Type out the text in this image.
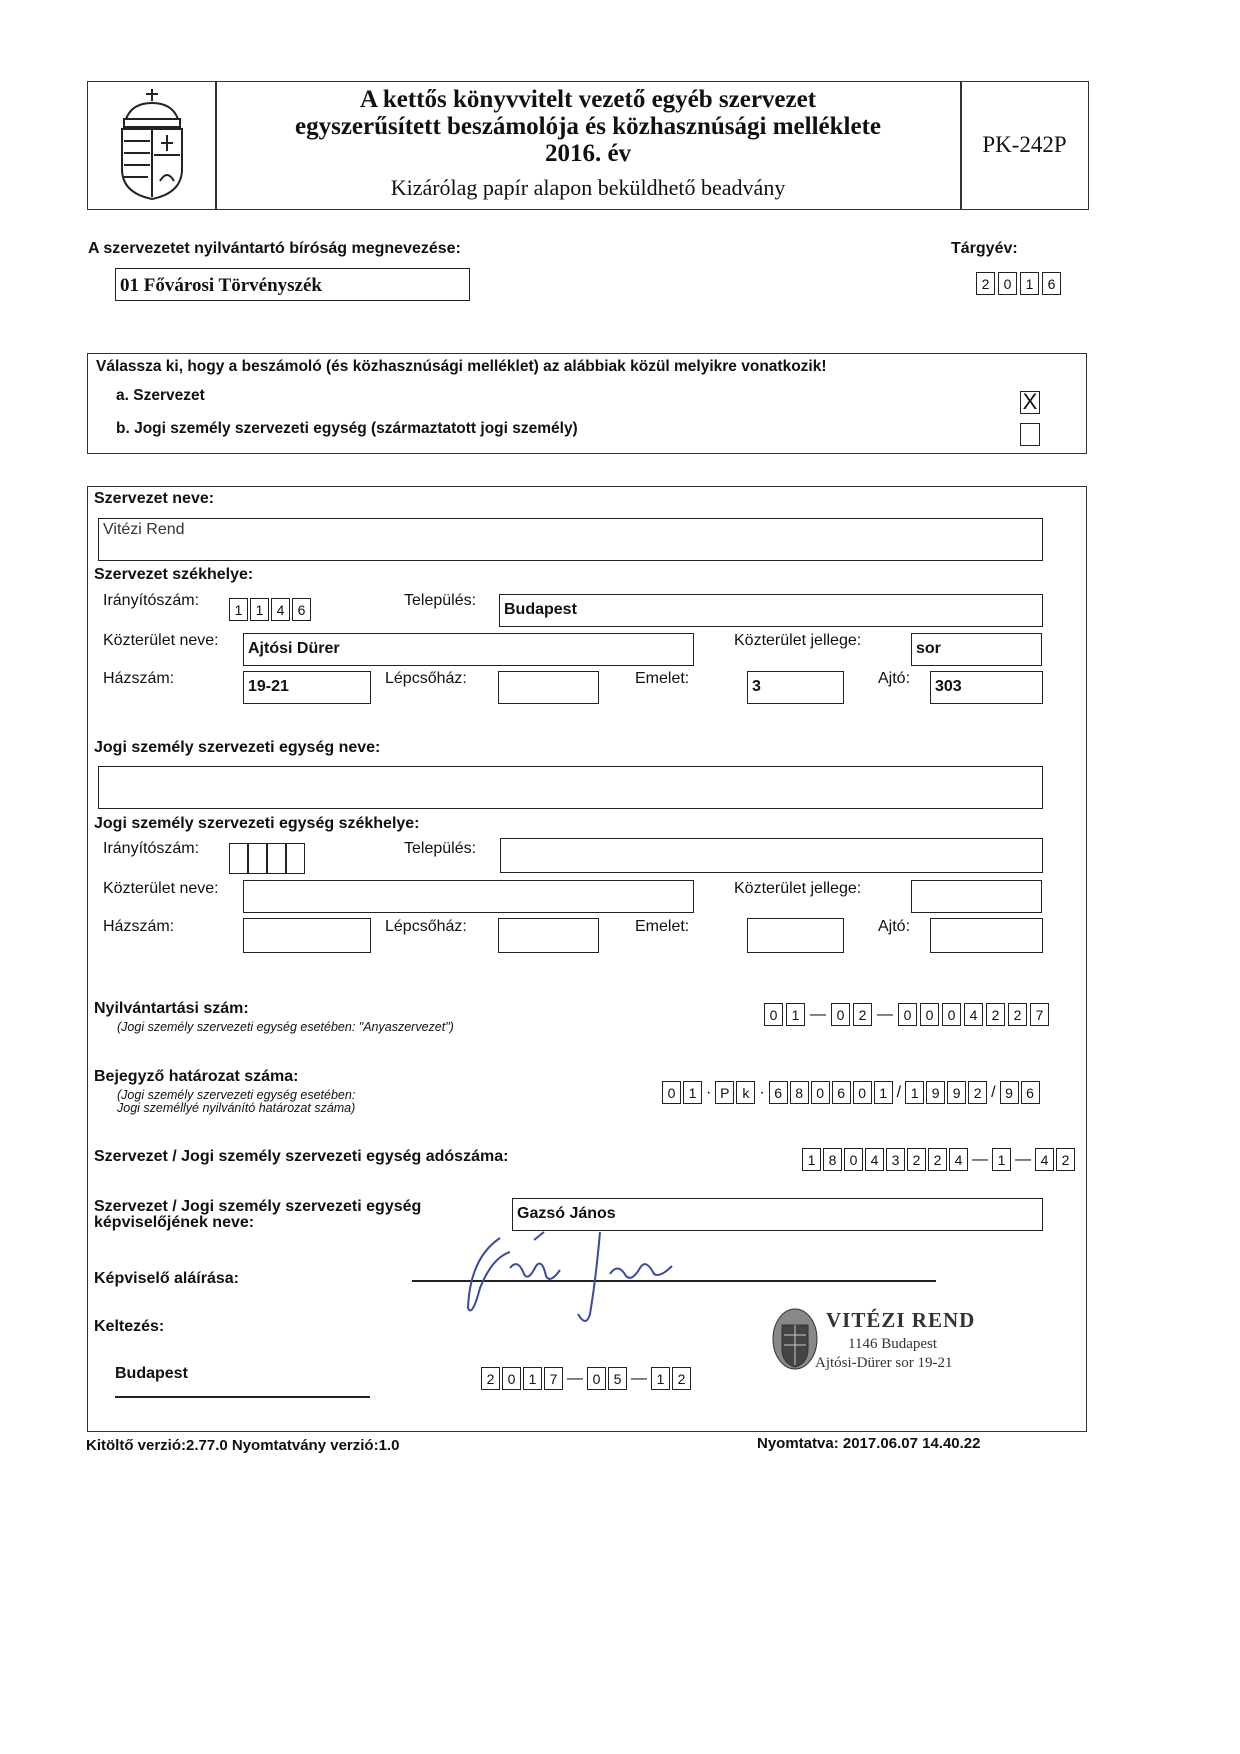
A kettős könyvvitelt vezető egyéb szervezet
egyszerűsített beszámolója és közhasznúsági melléklete
2016. év
Kizárólag papír alapon beküldhető beadvány
PK-242P
A szervezetet nyilvántartó bíróság megnevezése:
01 Fővárosi Törvényszék
Tárgyév:
2	0	1	6
Válassza ki, hogy a beszámoló (és közhasznúsági melléklet) az alábbiak közül melyikre vonatkozik!
a. Szervezet
b. Jogi személy szervezeti egység (származtatott jogi személy)
X
Szervezet neve:
Vitézi Rend
Szervezet székhelye:
Irányítószám:
1 1 4 6
Település:
Budapest
Közterület neve:	Ajtósi Dürer	Közterület jellege:	sor
Házszám:	19-21	Lépcsőház:	Emelet:	3	Ajtó:	303
Jogi személy szervezeti egység neve:
Jogi személy szervezeti egység székhelye:
Irányítószám:	Település:
Közterület neve:	Közterület jellege:
Házszám:	Lépcsőház:	Emelet:	Ajtó:
Nyilvántartási szám:
(Jogi személy szervezeti egység esetében: "Anyaszervezet")
0	1 — 0	2 — 0	0	0	4	2	2	7
Bejegyző határozat száma:
(Jogi személy szervezeti egység esetében:
Jogi személlyé nyilvánító határozat száma)
0 1 · P k · 6 8 0 6 0 1 / 1 9 9 2 / 9 6
Szervezet / Jogi személy szervezeti egység adószáma:	1 8 0 4 3 2 2 4 — 1 — 4 2
Szervezet / Jogi személy szervezeti egység
képviselőjének neve:
Gazsó János
Képviselő aláírása:
Keltezés:
Budapest	2 0 1 7 — 0 5 — 1 2
VITÉZI REND
1146 Budapest
Ajtósi-Dürer sor 19-21
Kitöltő verzió:2.77.0 Nyomtatvány verzió:1.0	Nyomtatva: 2017.06.07 14.40.22
